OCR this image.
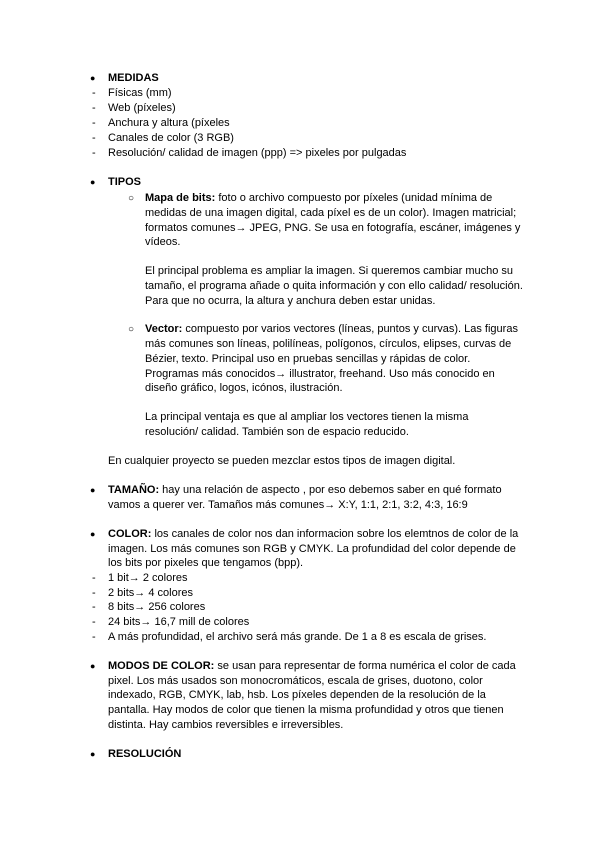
● MEDIDAS
- Físicas (mm)
- Web (píxeles)
- Anchura y altura (píxeles
- Canales de color (3 RGB)
- Resolución/ calidad de imagen (ppp) => pixeles por pulgadas
● TIPOS
○ Mapa de bits: foto o archivo compuesto por píxeles (unidad mínima de
medidas de una imagen digital, cada píxel es de un color). Imagen matricial;
formatos comunes→ JPEG, PNG. Se usa en fotografía, escáner, imágenes y
vídeos.
El principal problema es ampliar la imagen. Si queremos cambiar mucho su
tamaño, el programa añade o quita información y con ello calidad/ resolución.
Para que no ocurra, la altura y anchura deben estar unidas.
○ Vector: compuesto por varios vectores (líneas, puntos y curvas). Las figuras
más comunes son líneas, polilíneas, polígonos, círculos, elipses, curvas de
Bézier, texto. Principal uso en pruebas sencillas y rápidas de color.
Programas más conocidos→ illustrator, freehand. Uso más conocido en
diseño gráfico, logos, icónos, ilustración.
La principal ventaja es que al ampliar los vectores tienen la misma
resolución/ calidad. También son de espacio reducido.
En cualquier proyecto se pueden mezclar estos tipos de imagen digital.
● TAMAÑO: hay una relación de aspecto , por eso debemos saber en qué formato
vamos a querer ver. Tamaños más comunes→ X:Y, 1:1, 2:1, 3:2, 4:3, 16:9
● COLOR: los canales de color nos dan informacion sobre los elemtnos de color de la
imagen. Los más comunes son RGB y CMYK. La profundidad del color depende de
los bits por pixeles que tengamos (bpp).
- 1 bit→ 2 colores
- 2 bits→ 4 colores
- 8 bits→ 256 colores
- 24 bits→ 16,7 mill de colores
- A más profundidad, el archivo será más grande. De 1 a 8 es escala de grises.
● MODOS DE COLOR: se usan para representar de forma numérica el color de cada
pixel. Los más usados son monocromáticos, escala de grises, duotono, color
indexado, RGB, CMYK, lab, hsb. Los píxeles dependen de la resolución de la
pantalla. Hay modos de color que tienen la misma profundidad y otros que tienen
distinta. Hay cambios reversibles e irreversibles.
● RESOLUCIÓN
